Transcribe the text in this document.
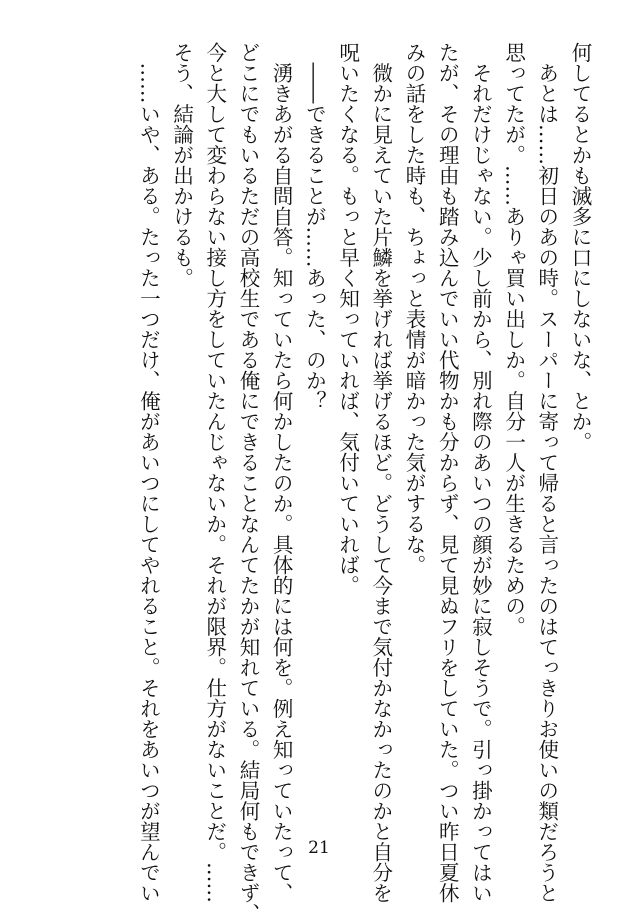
何してるとかも滅多に口にしないな、とか。
　あとは……初日のあの時。スーパーに寄って帰ると言ったのはてっきりお使いの類だろうと
思ってたが。……ありゃ買い出しか。自分一人が生きるための。
　それだけじゃない。少し前から、別れ際のあいつの顔が妙に寂しそうで。引っ掛かってはい
たが、その理由も踏み込んでいい代物かも分からず、見て見ぬフリをしていた。つい昨日夏休
みの話をした時も、ちょっと表情が暗かった気がするな。
　微かに見えていた片鱗を挙げれば挙げるほど。どうして今まで気付かなかったのかと自分を
呪いたくなる。もっと早く知っていれば、気付いていれば。
　――できることが……あった、のか？
　湧きあがる自問自答。知っていたら何かしたのか。具体的には何を。例え知っていたって、
どこにでもいるただの高校生である俺にできることなんてたかが知れている。結局何もできず、
今と大して変わらない接し方をしていたんじゃないか。それが限界。仕方がないことだ。……
そう、結論が出かけるも。
　……いや、ある。たった一つだけ、俺があいつにしてやれること。それをあいつが望んでい	21
